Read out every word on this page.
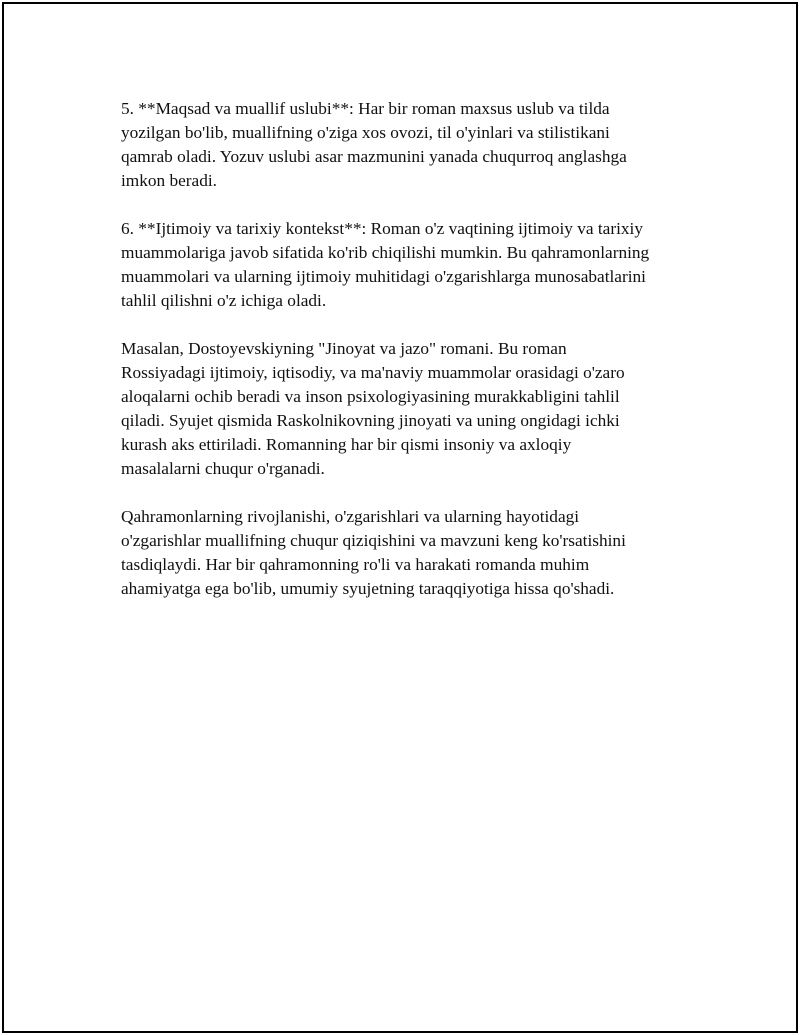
5. **Maqsad va muallif uslubi**: Har bir roman maxsus uslub va tilda
yozilgan bo'lib, muallifning o'ziga xos ovozi, til o'yinlari va stilistikani
qamrab oladi. Yozuv uslubi asar mazmunini yanada chuqurroq anglashga
imkon beradi.

6. **Ijtimoiy va tarixiy kontekst**: Roman o'z vaqtining ijtimoiy va tarixiy
muammolariga javob sifatida ko'rib chiqilishi mumkin. Bu qahramonlarning
muammolari va ularning ijtimoiy muhitidagi o'zgarishlarga munosabatlarini
tahlil qilishni o'z ichiga oladi.

Masalan, Dostoyevskiyning "Jinoyat va jazo" romani. Bu roman
Rossiyadagi ijtimoiy, iqtisodiy, va ma'naviy muammolar orasidagi o'zaro
aloqalarni ochib beradi va inson psixologiyasining murakkabligini tahlil
qiladi. Syujet qismida Raskolnikovning jinoyati va uning ongidagi ichki
kurash aks ettiriladi. Romanning har bir qismi insoniy va axloqiy
masalalarni chuqur o'rganadi.

Qahramonlarning rivojlanishi, o'zgarishlari va ularning hayotidagi
o'zgarishlar muallifning chuqur qiziqishini va mavzuni keng ko'rsatishini
tasdiqlaydi. Har bir qahramonning ro'li va harakati romanda muhim
ahamiyatga ega bo'lib, umumiy syujetning taraqqiyotiga hissa qo'shadi.
